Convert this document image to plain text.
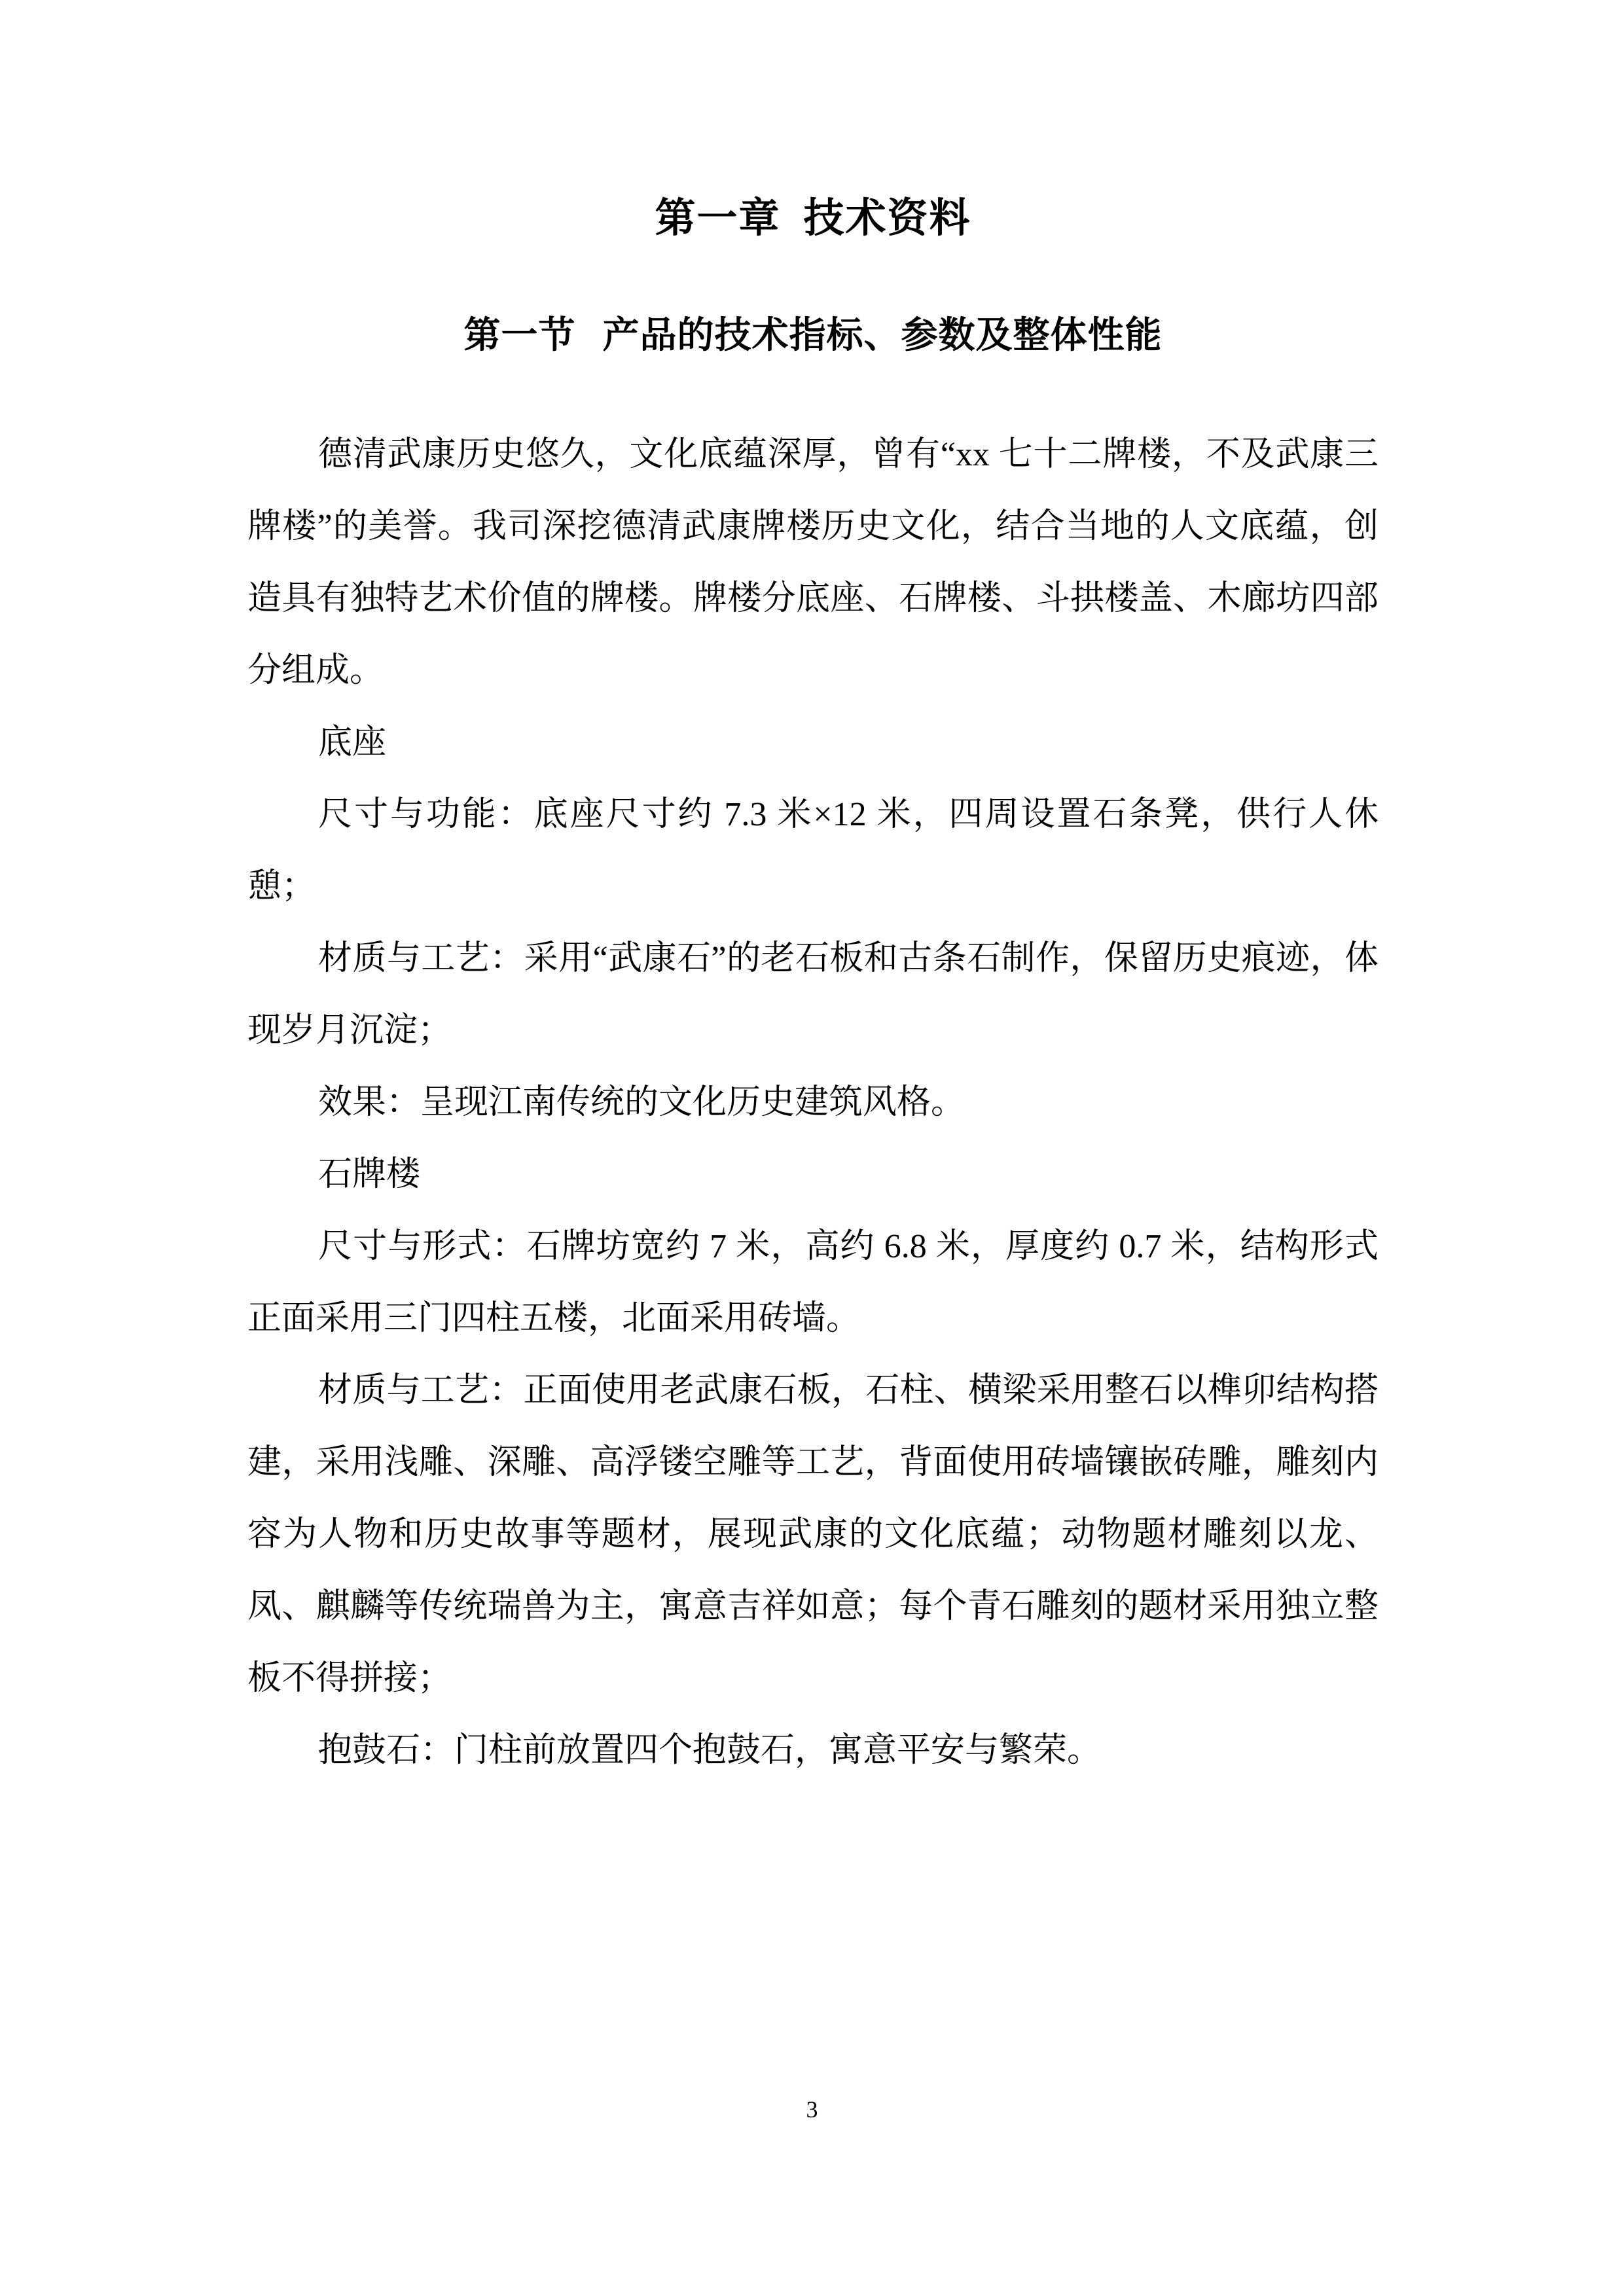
第一章  技术资料
第一节  产品的技术指标、参数及整体性能

德清武康历史悠久，文化底蕴深厚，曾有“xx 七十二牌楼，不及武康三牌楼”的美誉。我司深挖德清武康牌楼历史文化，结合当地的人文底蕴，创造具有独特艺术价值的牌楼。牌楼分底座、石牌楼、斗拱楼盖、木廊坊四部分组成。

底座

尺寸与功能：底座尺寸约 7.3 米×12 米，四周设置石条凳，供行人休憩；

材质与工艺：采用“武康石”的老石板和古条石制作，保留历史痕迹，体现岁月沉淀；

效果：呈现江南传统的文化历史建筑风格。

石牌楼

尺寸与形式：石牌坊宽约 7 米，高约 6.8 米，厚度约 0.7 米，结构形式正面采用三门四柱五楼，北面采用砖墙。

材质与工艺：正面使用老武康石板，石柱、横梁采用整石以榫卯结构搭建，采用浅雕、深雕、高浮镂空雕等工艺，背面使用砖墙镶嵌砖雕，雕刻内容为人物和历史故事等题材，展现武康的文化底蕴；动物题材雕刻以龙、凤、麒麟等传统瑞兽为主，寓意吉祥如意；每个青石雕刻的题材采用独立整板不得拼接；

抱鼓石：门柱前放置四个抱鼓石，寓意平安与繁荣。

3
